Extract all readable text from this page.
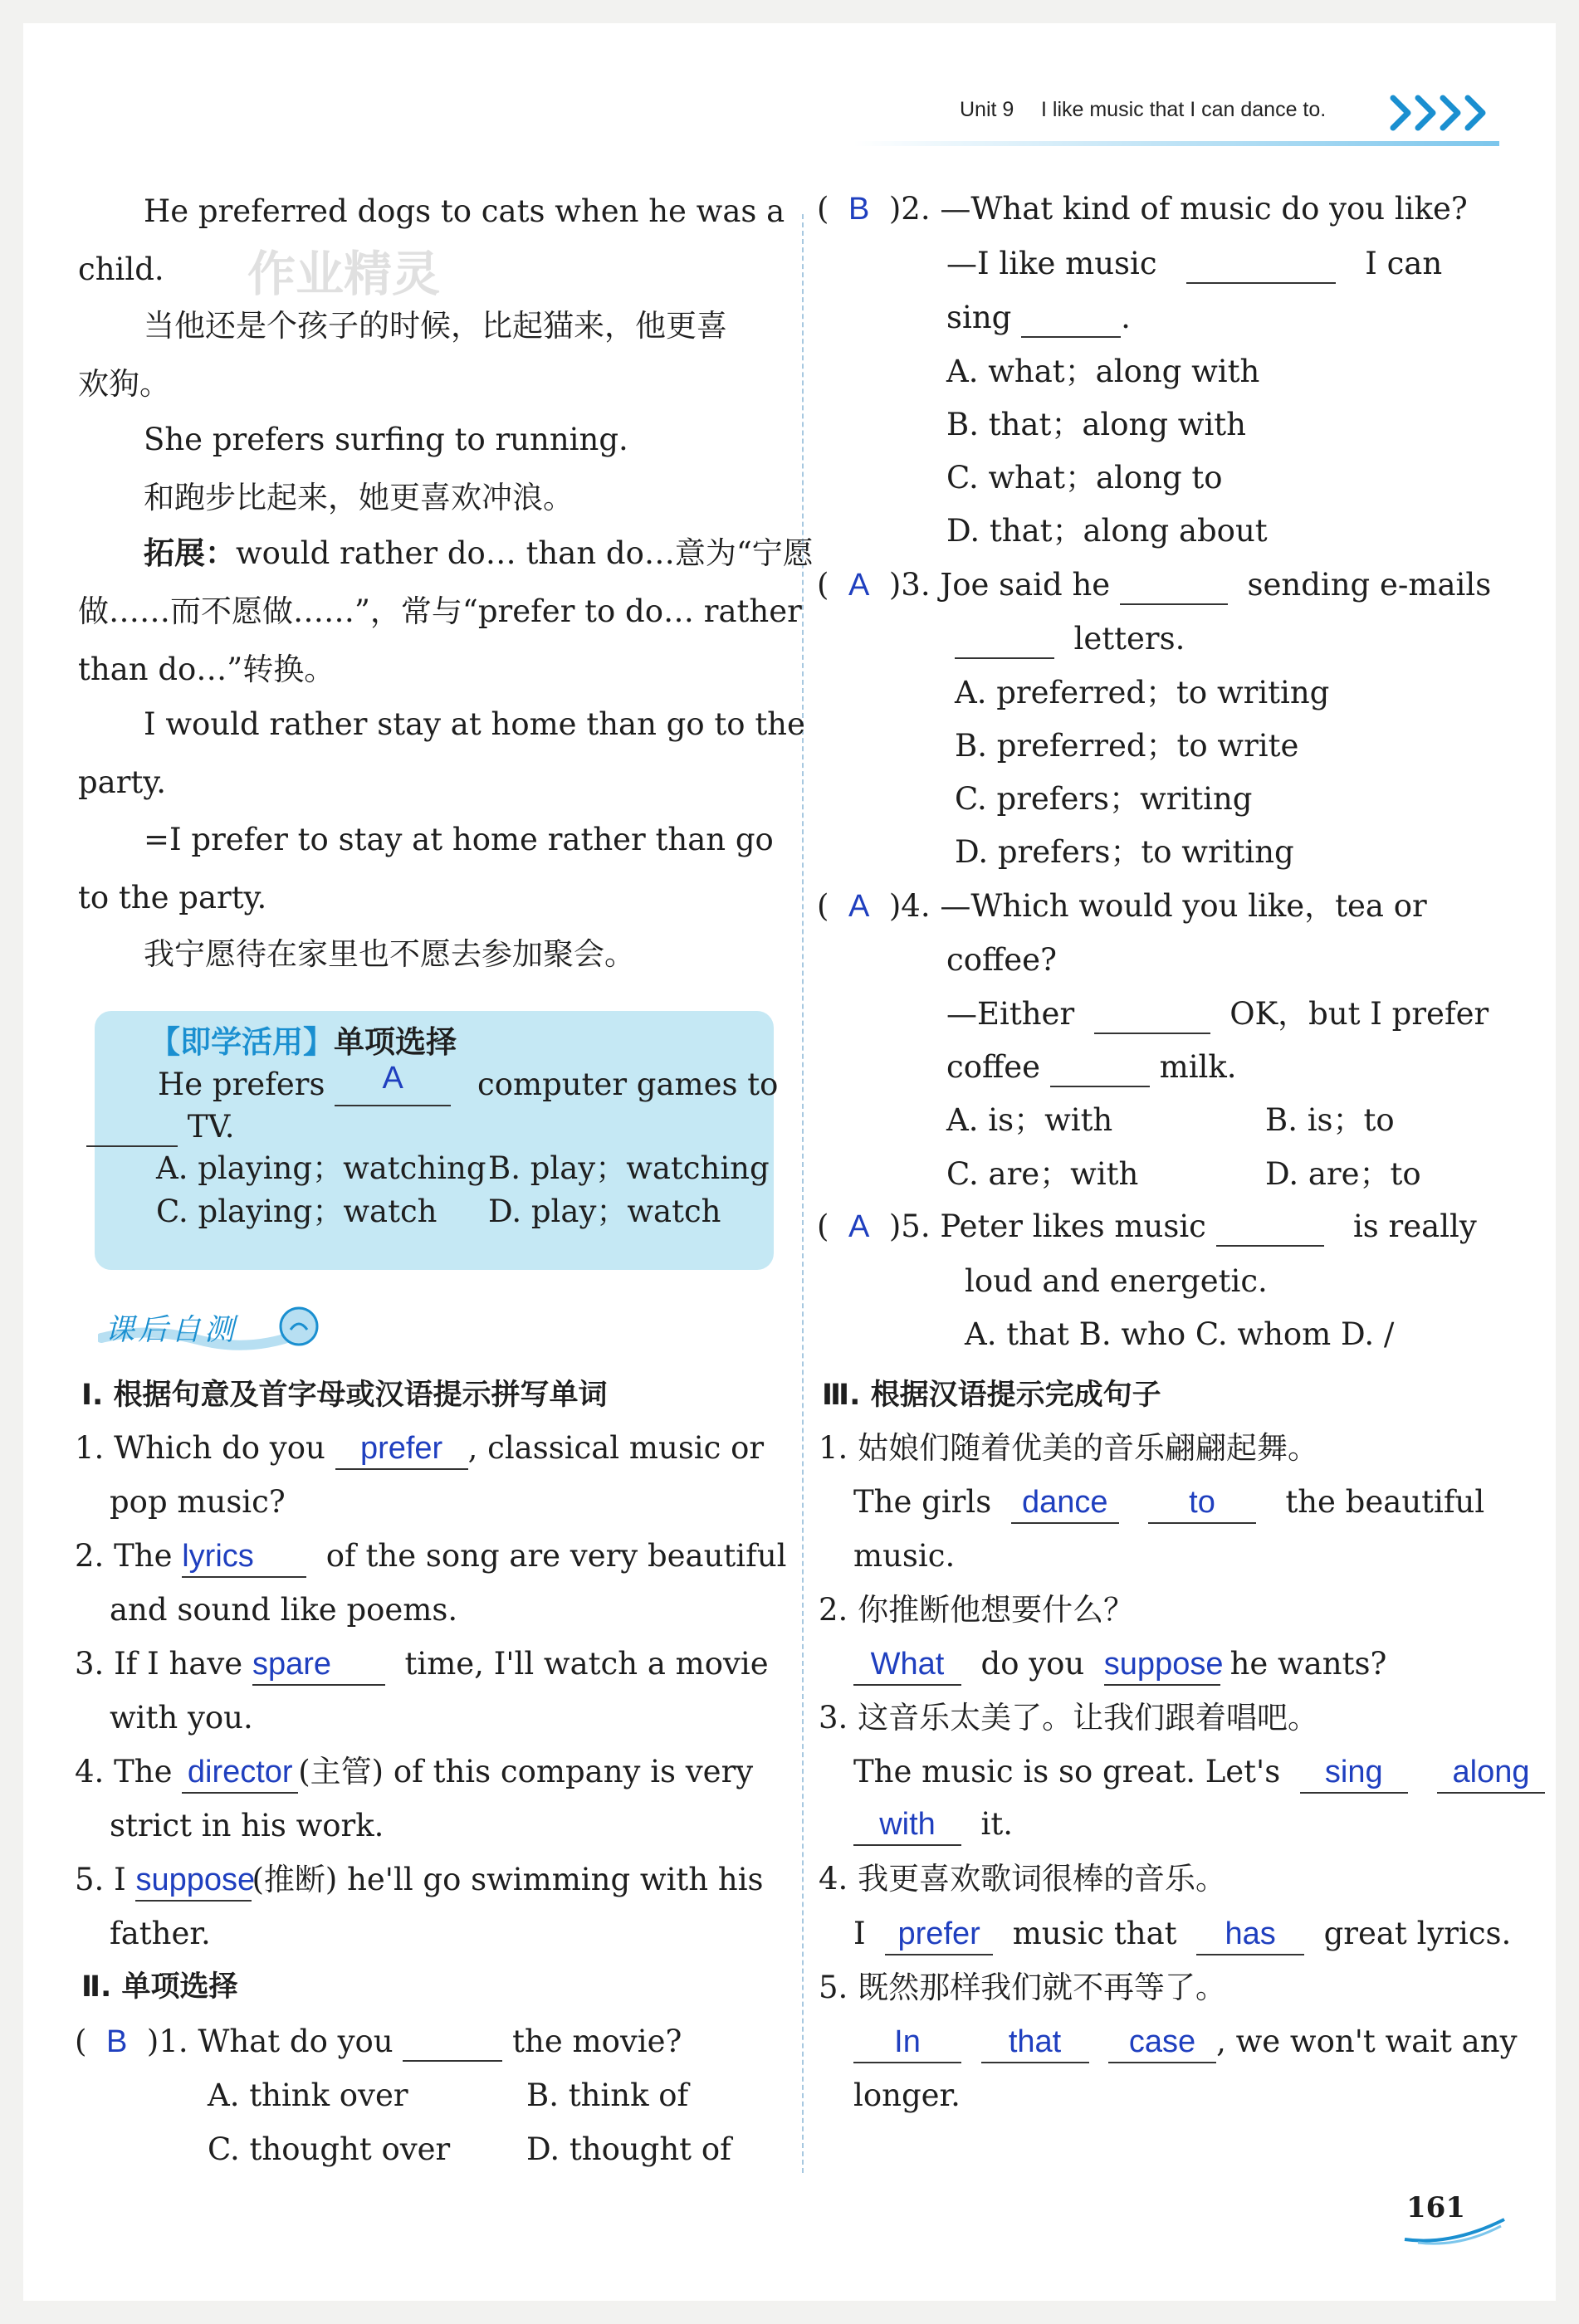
Unit 9 I like music that I can dance to.
He preferred dogs to cats when he was a
child. 作业精灵
当他还是个孩子的时候，比起猫来，他更喜
欢狗。
She prefers surfing to running.
和跑步比起来，她更喜欢冲浪。
拓展：would rather do… than do…意为“宁愿
做……而不愿做……”，常与“prefer to do… rather
than do…”转换。
I would rather stay at home than go to the
party.
=I prefer to stay at home rather than go
to the party.
我宁愿待在家里也不愿去参加聚会。
【即学活用】单项选择
He prefers A computer games to
TV.
A. playing；watching B. play；watching
C. playing；watch D. play；watch
课后自测
Ⅰ. 根据句意及首字母或汉语提示拼写单词
1. Which do you prefer , classical music or
pop music?
2. The lyrics of the song are very beautiful
and sound like poems.
3. If I have spare time, I'll watch a movie
with you.
4. The director (主管) of this company is very
strict in his work.
5. I suppose(推断) he'll go swimming with his
father.
Ⅱ. 单项选择
(  B )1. What do you	the movie?
A. think over	B. think of
C. thought over D. thought of
(  B )2. —What kind of music do you like?
—I like music	I can
sing	.
A. what；along with
B. that；along with
C. what；along to
D. that；along about
(  A )3. Joe said he	sending e-mails
letters.
A. preferred；to writing
B. preferred；to write
C. prefers；writing
D. prefers；to writing
(  A )4. —Which would you like，tea or
coffee?
—Either	OK，but I prefer
coffee	milk.
A. is；with	B. is；to
C. are；with	D. are；to
(  A )5. Peter likes music	is really
loud and energetic.
A. that B. who C. whom D. /
Ⅲ. 根据汉语提示完成句子
1. 姑娘们随着优美的音乐翩翩起舞。
The girls dance	to the beautiful
music.
2. 你推断他想要什么？
What do you suppose he wants?
3. 这音乐太美了。让我们跟着唱吧。
The music is so great. Let's sing along
with it.
4. 我更喜欢歌词很棒的音乐。
I prefer music that has great lyrics.
5. 既然那样我们就不再等了。
In	that case , we won't wait any
longer.
161
